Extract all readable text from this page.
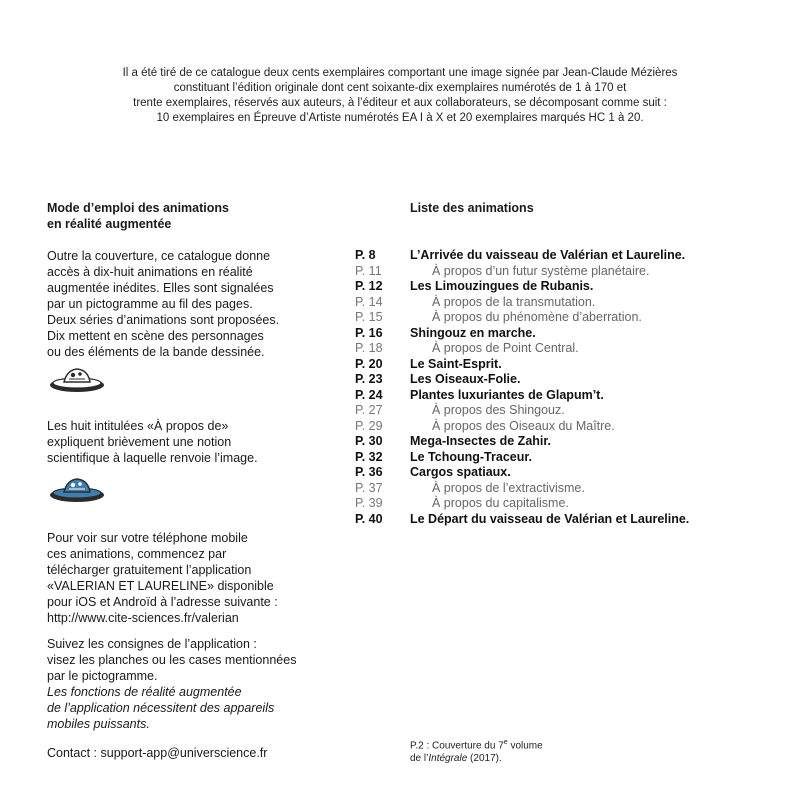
Il a été tiré de ce catalogue deux cents exemplaires comportant une image signée par Jean-Claude Mézières
constituant l’édition originale dont cent soixante-dix exemplaires numérotés de 1 à 170 et
trente exemplaires, réservés aux auteurs, à l’éditeur et aux collaborateurs, se décomposant comme suit :
10 exemplaires en Épreuve d’Artiste numérotés EA I à X et 20 exemplaires marqués HC 1 à 20.
Mode d’emploi des animations
en réalité augmentée
Outre la couverture, ce catalogue donne
accès à dix-huit animations en réalité
augmentée inédites. Elles sont signalées
par un pictogramme au fil des pages.
Deux séries d’animations sont proposées.
Dix mettent en scène des personnages
ou des éléments de la bande dessinée.
Les huit intitulées «À propos de»
expliquent brièvement une notion
scientifique à laquelle renvoie l’image.
Pour voir sur votre téléphone mobile
ces animations, commencez par
télécharger gratuitement l’application
«VALERIAN ET LAURELINE» disponible
pour iOS et Androïd à l’adresse suivante :
http://www.cite-sciences.fr/valerian
Suivez les consignes de l’application :
visez les planches ou les cases mentionnées
par le pictogramme.
Les fonctions de réalité augmentée
de l’application nécessitent des appareils
mobiles puissants.
Contact : support-app@universcience.fr
Liste des animations
P. 8	L’Arrivée du vaisseau de Valérian et Laureline.
P. 11	À propos d’un futur système planétaire.
P. 12	Les Limouzingues de Rubanis.
P. 14	À propos de la transmutation.
P. 15	À propos du phénomène d’aberration.
P. 16	Shingouz en marche.
P. 18	À propos de Point Central.
P. 20	Le Saint-Esprit.
P. 23	Les Oiseaux-Folie.
P. 24	Plantes luxuriantes de Glapum’t.
P. 27	À propos des Shingouz.
P. 29	À propos des Oiseaux du Maître.
P. 30	Mega-Insectes de Zahir.
P. 32	Le Tchoung-Traceur.
P. 36	Cargos spatiaux.
P. 37	À propos de l’extractivisme.
P. 39	À propos du capitalisme.
P. 40	Le Départ du vaisseau de Valérian et Laureline.
P.2 : Couverture du 7e volume
de l’Intégrale (2017).
